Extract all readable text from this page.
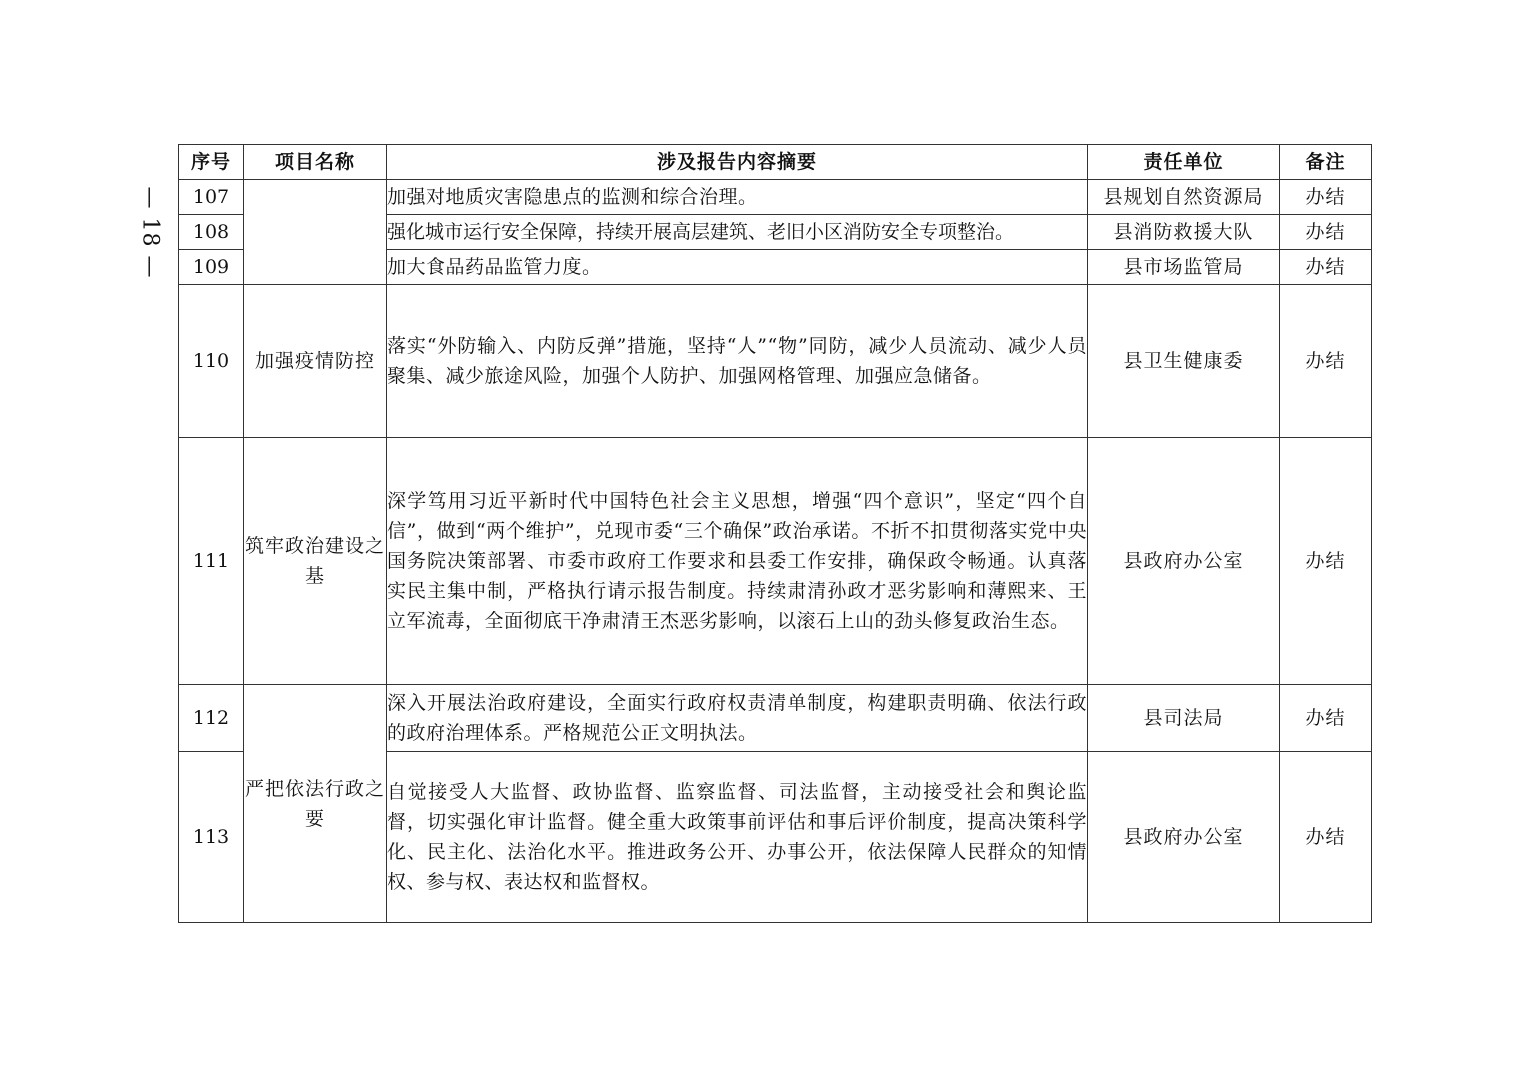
— 18 —
序号	项目名称	涉及报告内容摘要	责任单位	备注
107		加强对地质灾害隐患点的监测和综合治理。	县规划自然资源局	办结
108		强化城市运行安全保障，持续开展高层建筑、老旧小区消防安全专项整治。	县消防救援大队	办结
109		加大食品药品监管力度。	县市场监管局	办结
110	加强疫情防控	落实“外防输入、内防反弹”措施，坚持“人”“物”同防，减少人员流动、减少人员聚集、减少旅途风险，加强个人防护、加强网格管理、加强应急储备。	县卫生健康委	办结
111	筑牢政治建设之基	深学笃用习近平新时代中国特色社会主义思想，增强“四个意识”，坚定“四个自信”，做到“两个维护”，兑现市委“三个确保”政治承诺。不折不扣贯彻落实党中央国务院决策部署、市委市政府工作要求和县委工作安排，确保政令畅通。认真落实民主集中制，严格执行请示报告制度。持续肃清孙政才恶劣影响和薄熙来、王立军流毒，全面彻底干净肃清王杰恶劣影响，以滚石上山的劲头修复政治生态。	县政府办公室	办结
112	严把依法行政之要	深入开展法治政府建设，全面实行政府权责清单制度，构建职责明确、依法行政的政府治理体系。严格规范公正文明执法。	县司法局	办结
113		自觉接受人大监督、政协监督、监察监督、司法监督，主动接受社会和舆论监督，切实强化审计监督。健全重大政策事前评估和事后评价制度，提高决策科学化、民主化、法治化水平。推进政务公开、办事公开，依法保障人民群众的知情权、参与权、表达权和监督权。	县政府办公室	办结
